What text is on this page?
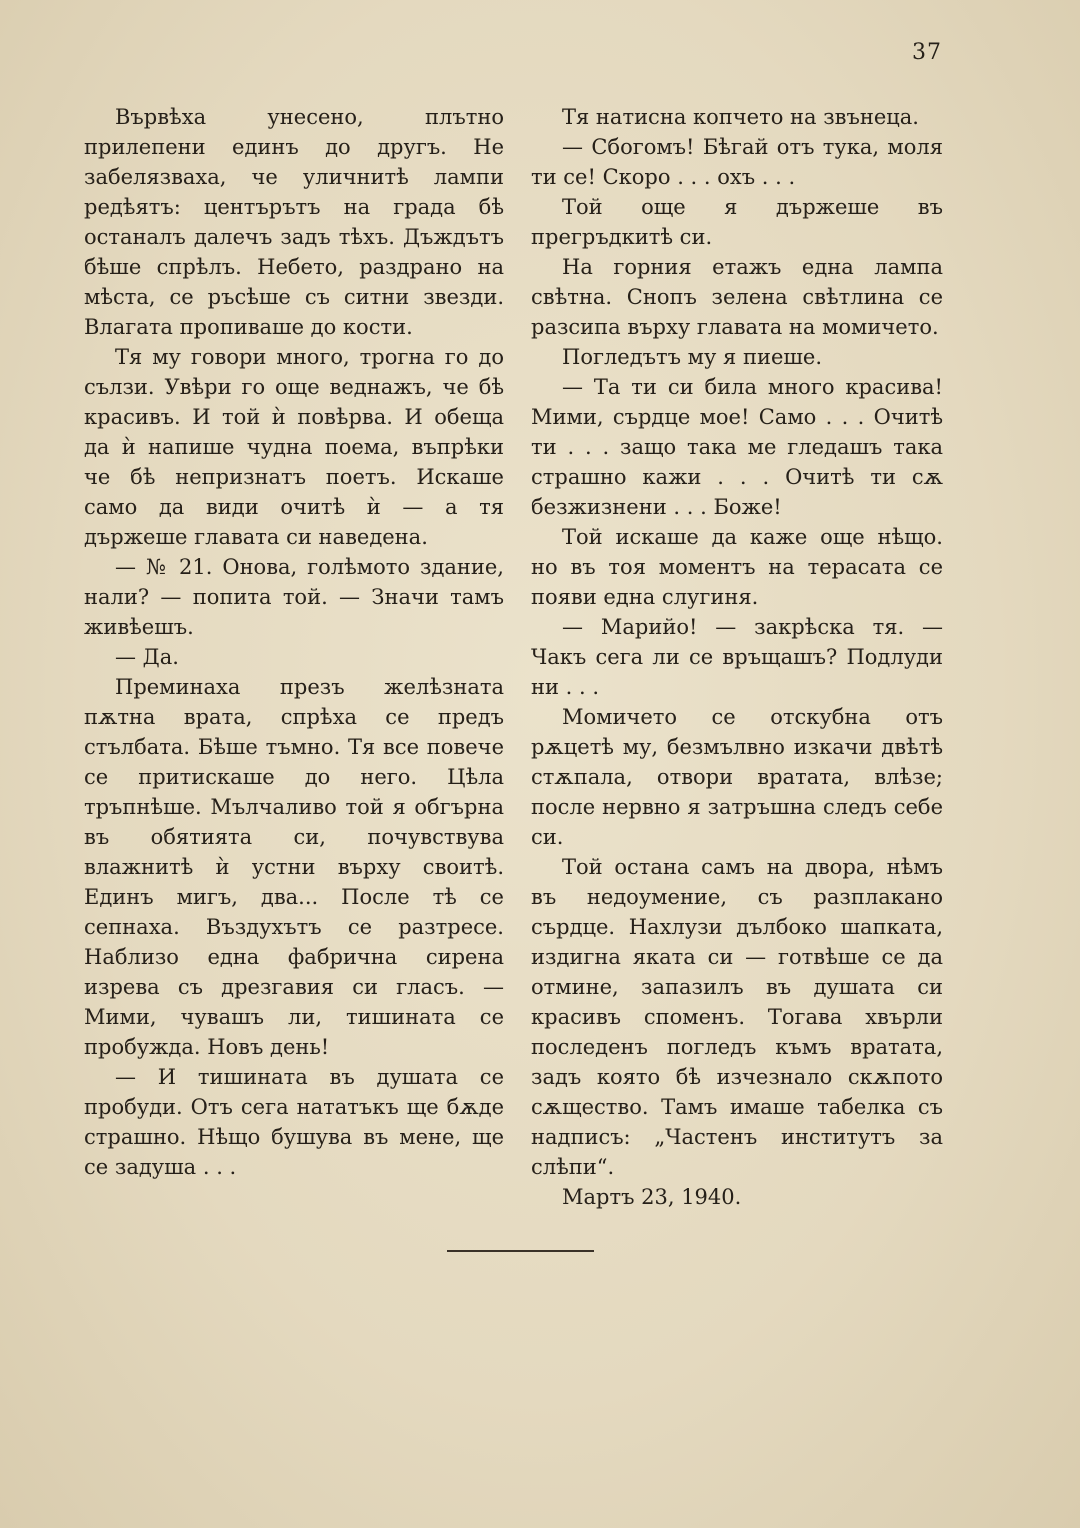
37

Вървѣха унесено, плътно прилепени единъ до другъ. Не забелязваха, че уличнитѣ лампи редѣятъ: центърътъ на града бѣ останалъ далечъ задъ тѣхъ. Дъждътъ бѣше спрѣлъ. Небето, раздрано на мѣста, се ръсѣше съ ситни звезди. Влагата пропиваше до кости.

Тя му говори много, трогна го до сълзи. Увѣри го още веднажъ, че бѣ красивъ. И той ѝ повѣрва. И обеща да ѝ напише чудна поема, въпрѣки че бѣ непризнатъ поетъ. Искаше само да види очитѣ ѝ — а тя държеше главата си наведена.

— № 21. Онова, голѣмото здание, нали? — попита той. — Значи тамъ живѣешъ.

— Да.

Преминаха презъ желѣзната пѫтна врата, спрѣха се предъ стълбата. Бѣше тъмно. Тя все повече се притискаше до него. Цѣла тръпнѣше. Мълчаливо той я обгърна въ обятията си, почувствува влажнитѣ ѝ устни върху своитѣ. Единъ мигъ, два... После тѣ се сепнаха. Въздухътъ се разтресе. Наблизо една фабрична сирена изрева съ дрезгавия си гласъ. — Мими, чувашъ ли, тишината се пробужда. Новъ день!

— И тишината въ душата се пробуди. Отъ сега нататъкъ ще бѫде страшно. Нѣщо бушува въ мене, ще се задуша . . .

Тя натисна копчето на звънеца.

— Сбогомъ! Бѣгай отъ тука, моля ти се! Скоро . . . охъ . . .

Той още я държеше въ прегръдкитѣ си.

На горния етажъ една лампа свѣтна. Снопъ зелена свѣтлина се разсипа върху главата на момичето.

Погледътъ му я пиеше.

— Та ти си била много красива! Мими, сърдце мое! Само . . . Очитѣ ти . . . защо така ме гледашъ така страшно кажи . . . Очитѣ ти сѫ безжизнени . . . Боже!

Той искаше да каже още нѣщо. но въ тоя моментъ на терасата се появи една слугиня.

— Марийо! — закрѣска тя. — Чакъ сега ли се връщашъ? Подлуди ни . . .

Момичето се отскубна отъ рѫцетѣ му, безмълвно изкачи двѣтѣ стѫпала, отвори вратата, влѣзе; после нервно я затръшна следъ себе си.

Той остана самъ на двора, нѣмъ въ недоумение, съ разплакано сърдце. Нахлузи дълбоко шапката, издигна яката си — готвѣше се да отмине, запазилъ въ душата си красивъ споменъ. Тогава хвърли последенъ погледъ къмъ вратата, задъ която бѣ изчезнало скѫпото сѫщество. Тамъ имаше табелка съ надписъ: „Частенъ институтъ за слѣпи“.

Мартъ 23, 1940.
